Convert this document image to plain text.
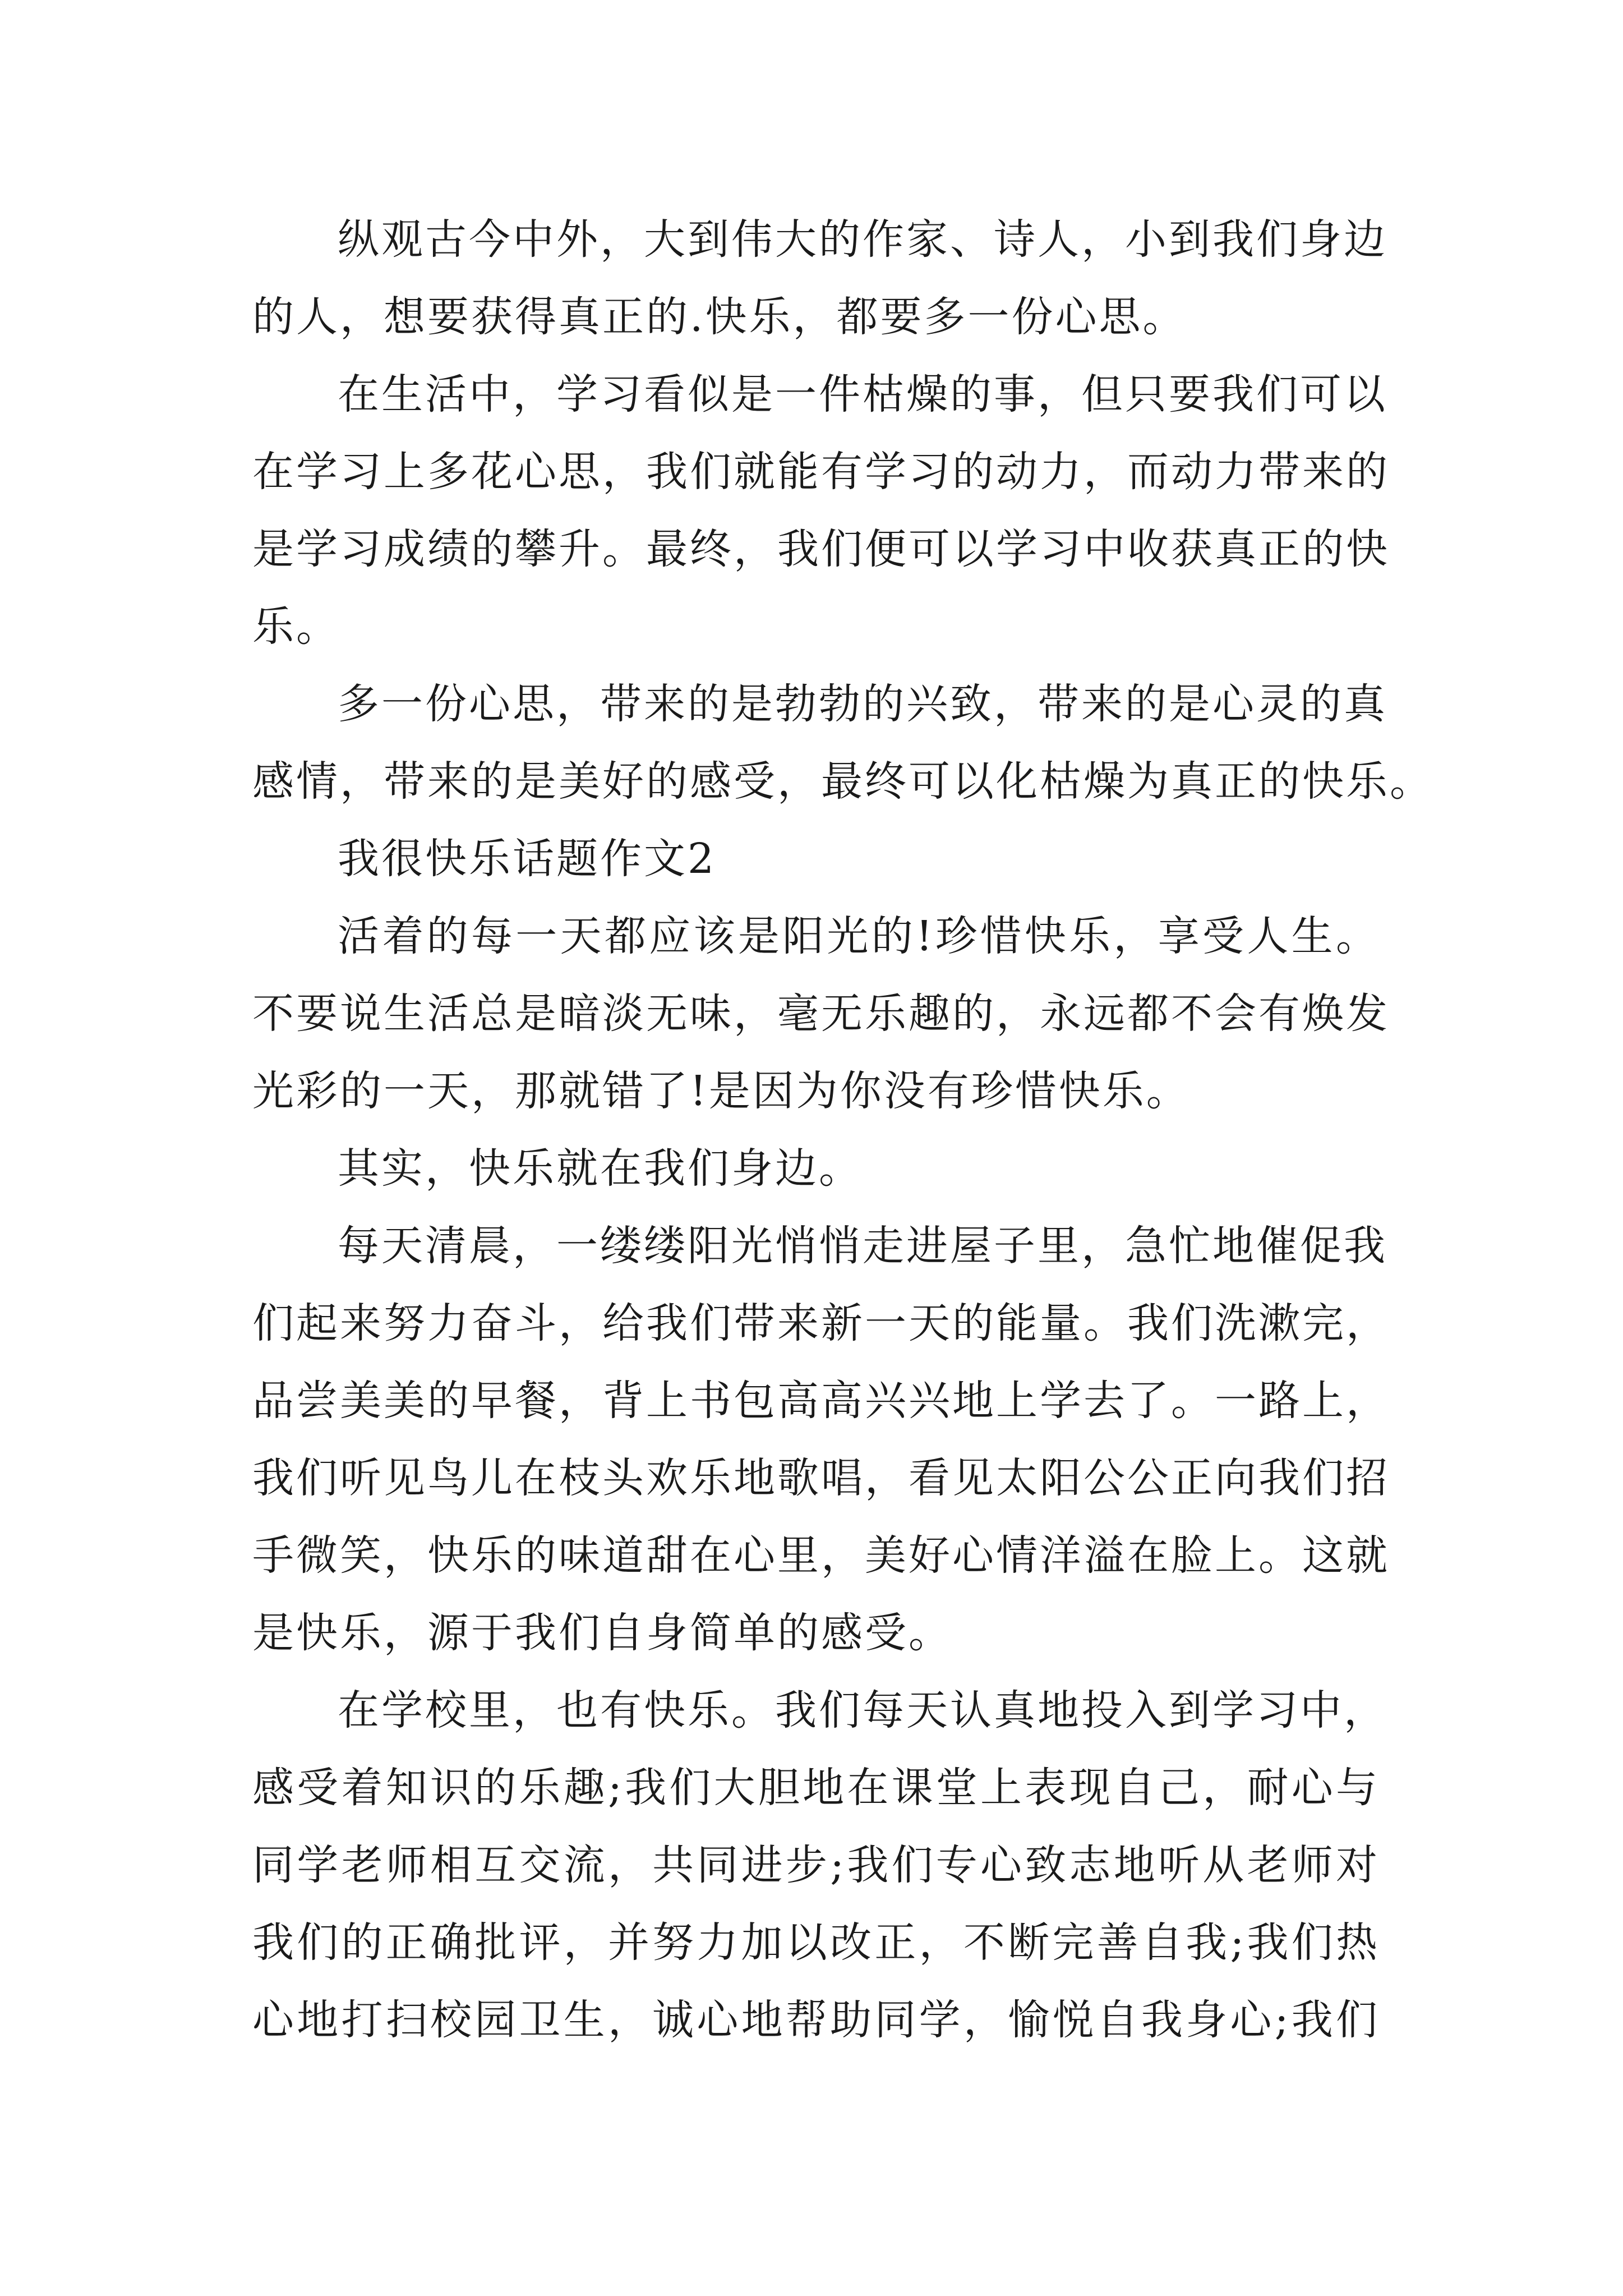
纵观古今中外，大到伟大的作家、诗人，小到我们身边
的人，想要获得真正的.快乐，都要多一份心思。
在生活中，学习看似是一件枯燥的事，但只要我们可以
在学习上多花心思，我们就能有学习的动力，而动力带来的
是学习成绩的攀升。最终，我们便可以学习中收获真正的快
乐。
多一份心思，带来的是勃勃的兴致，带来的是心灵的真
感情，带来的是美好的感受，最终可以化枯燥为真正的快乐。
我很快乐话题作文2
活着的每一天都应该是阳光的!珍惜快乐，享受人生。
不要说生活总是暗淡无味，毫无乐趣的，永远都不会有焕发
光彩的一天，那就错了!是因为你没有珍惜快乐。
其实，快乐就在我们身边。
每天清晨，一缕缕阳光悄悄走进屋子里，急忙地催促我
们起来努力奋斗，给我们带来新一天的能量。我们洗漱完，
品尝美美的早餐，背上书包高高兴兴地上学去了。一路上，
我们听见鸟儿在枝头欢乐地歌唱，看见太阳公公正向我们招
手微笑，快乐的味道甜在心里，美好心情洋溢在脸上。这就
是快乐，源于我们自身简单的感受。
在学校里，也有快乐。我们每天认真地投入到学习中，
感受着知识的乐趣;我们大胆地在课堂上表现自己，耐心与
同学老师相互交流，共同进步;我们专心致志地听从老师对
我们的正确批评，并努力加以改正，不断完善自我;我们热
心地打扫校园卫生，诚心地帮助同学，愉悦自我身心;我们
